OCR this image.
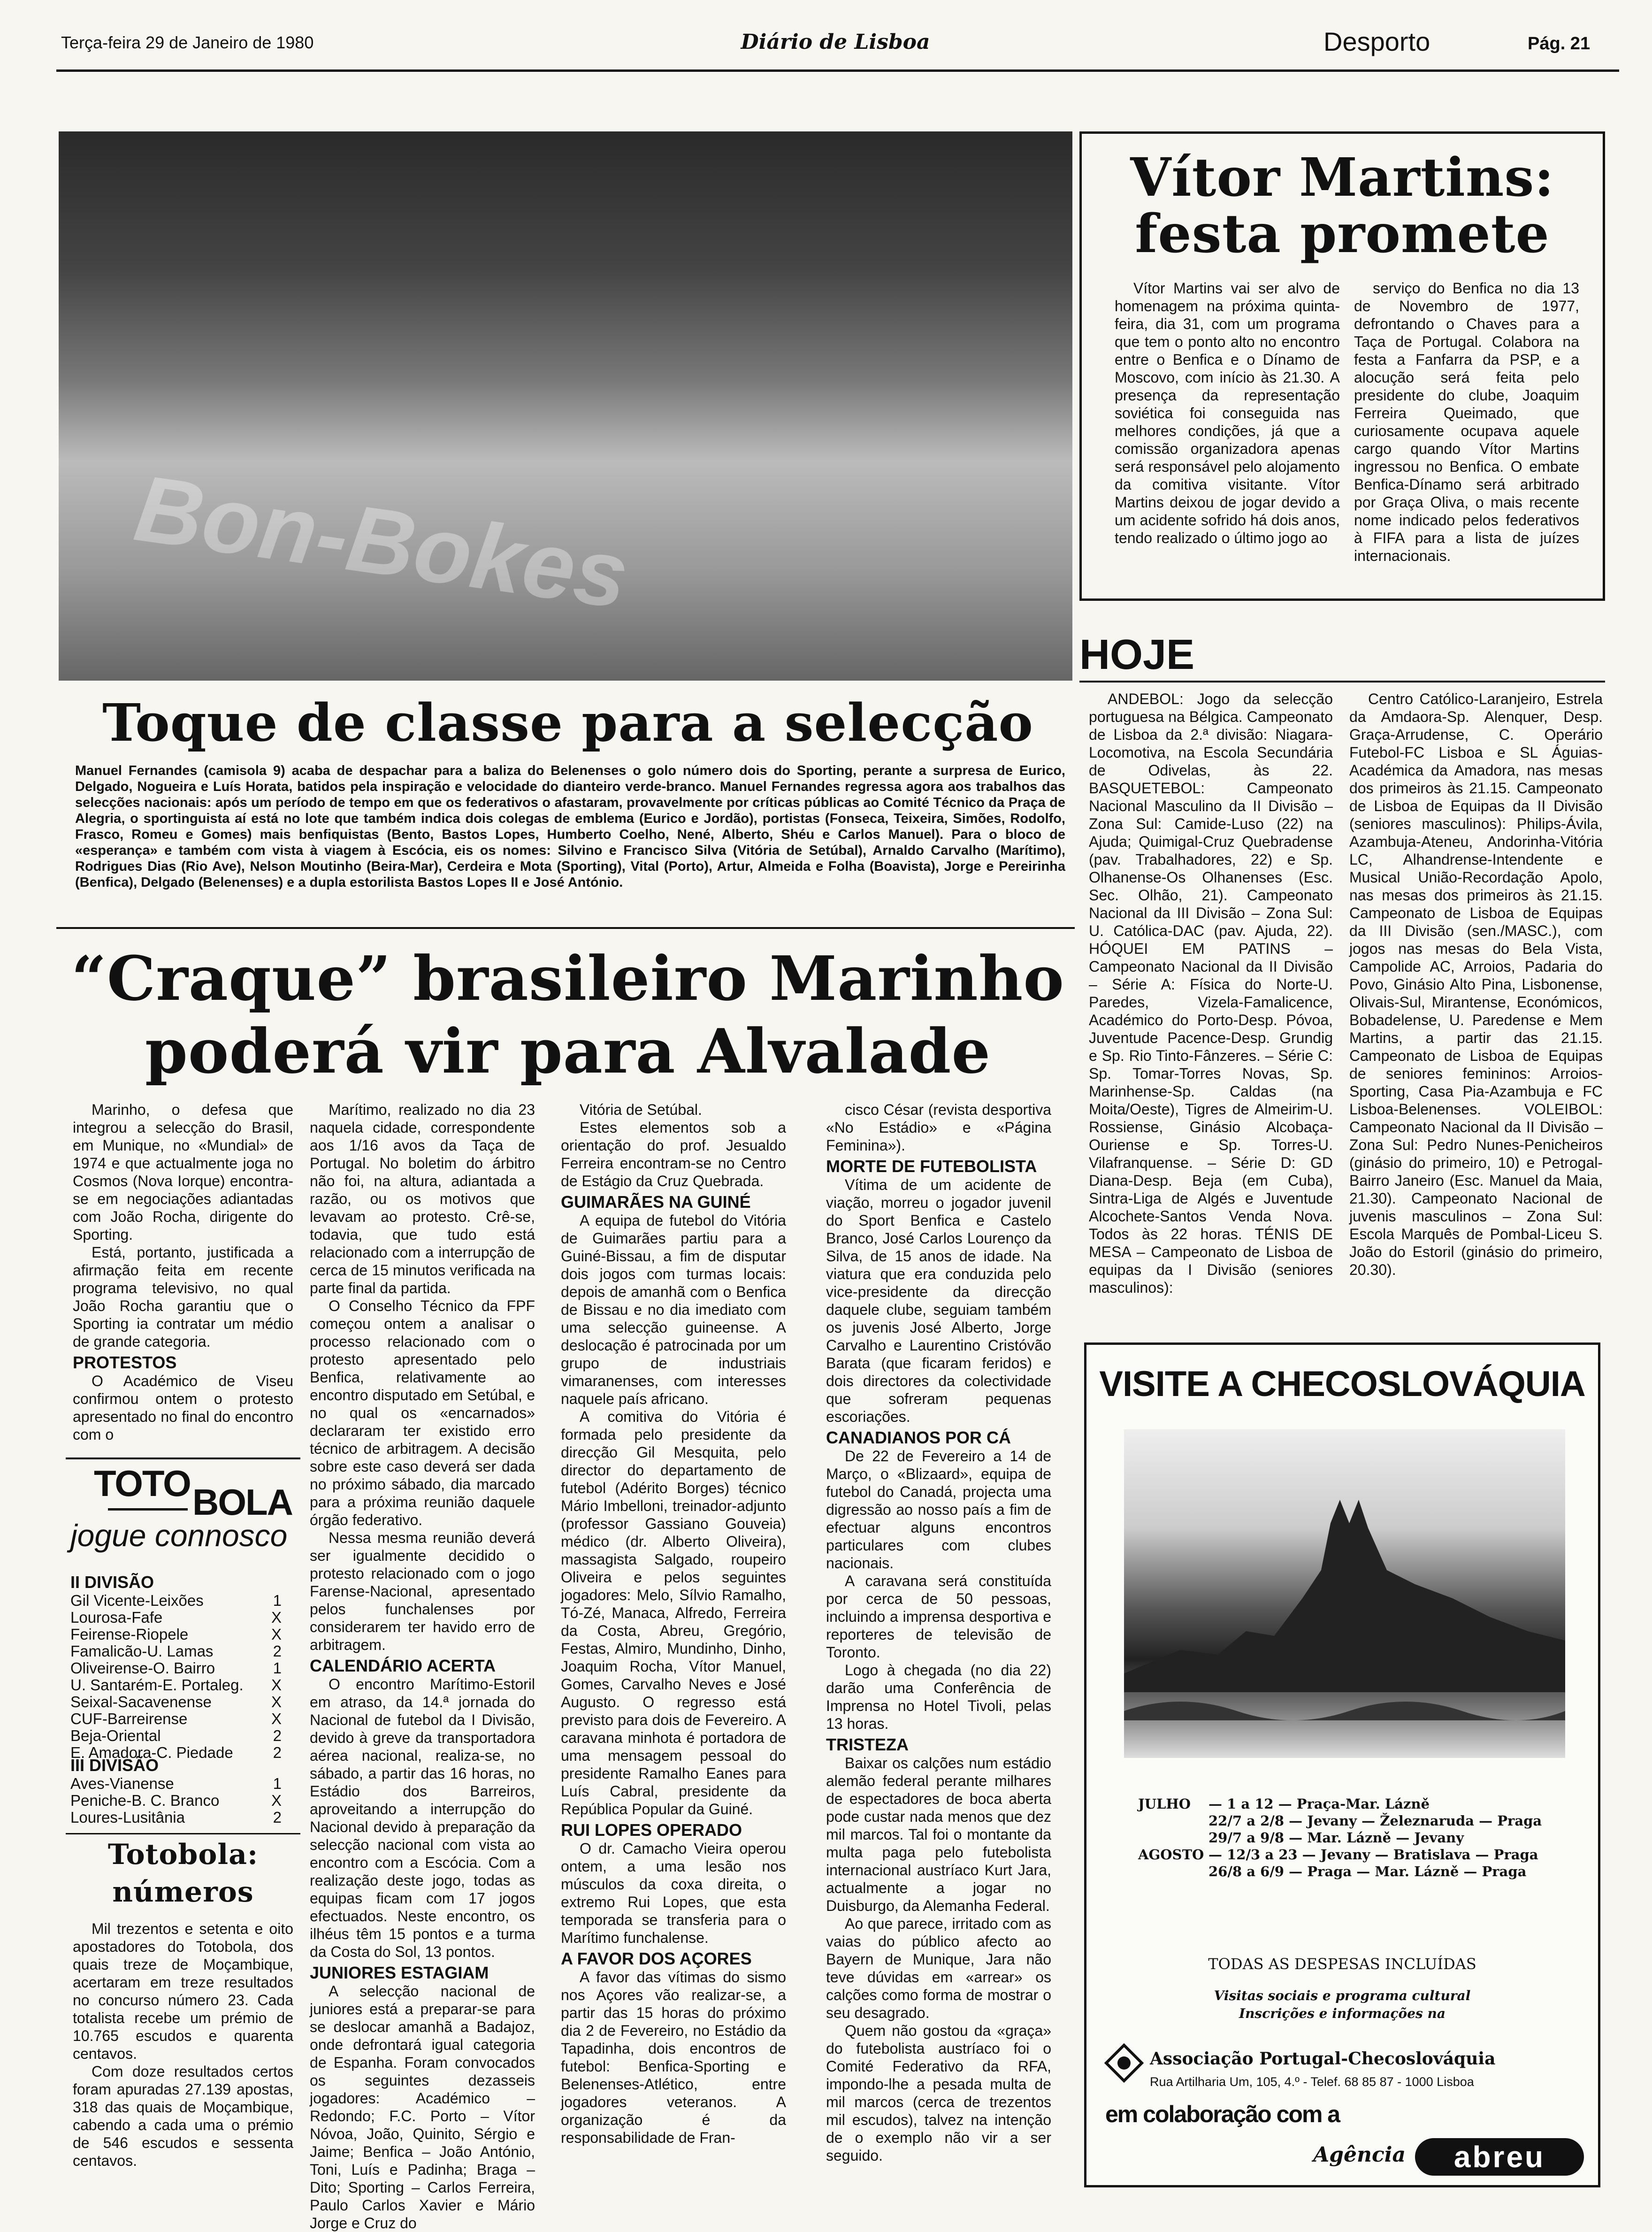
Terça-feira 29 de Janeiro de 1980	Diário de Lisboa	Desporto	Pág. 21
Bon-Bokes
Vítor Martins:
festa promete

Vítor Martins vai ser alvo de homenagem na próxima quinta-feira, dia 31, com um programa que tem o ponto alto no encontro entre o Benfica e o Dínamo de Moscovo, com início às 21.30. A presença da representação soviética foi conseguida nas melhores condições, já que a comissão organizadora apenas será responsável pelo alojamento da comitiva visitante. Vítor Martins deixou de jogar devido a um acidente sofrido há dois anos, tendo realizado o último jogo ao

serviço do Benfica no dia 13 de Novembro de 1977, defrontando o Chaves para a Taça de Portugal. Colabora na festa a Fanfarra da PSP, e a alocução será feita pelo presidente do clube, Joaquim Ferreira Queimado, que curiosamente ocupava aquele cargo quando Vítor Martins ingressou no Benfica. O embate Benfica-Dínamo será arbitrado por Graça Oliva, o mais recente nome indicado pelos federativos à FIFA para a lista de juízes internacionais.

HOJE

ANDEBOL: Jogo da selecção portuguesa na Bélgica. Campeonato de Lisboa da 2.ª divisão: Niagara-Locomotiva, na Escola Secundária de Odivelas, às 22. BASQUETEBOL: Campeonato Nacional Masculino da II Divisão – Zona Sul: Camide-Luso (22) na Ajuda; Quimigal-Cruz Quebradense (pav. Trabalhadores, 22) e Sp. Olhanense-Os Olhanenses (Esc. Sec. Olhão, 21). Campeonato Nacional da III Divisão – Zona Sul: U. Católica-DAC (pav. Ajuda, 22). HÓQUEI EM PATINS – Campeonato Nacional da II Divisão – Série A: Física do Norte-U. Paredes, Vizela-Famalicence, Académico do Porto-Desp. Póvoa, Juventude Pacence-Desp. Grundig e Sp. Rio Tinto-Fânzeres. – Série C: Sp. Tomar-Torres Novas, Sp. Marinhense-Sp. Caldas (na Moita/Oeste), Tigres de Almeirim-U. Rossiense, Ginásio Alcobaça-Ouriense e Sp. Torres-U. Vilafranquense. – Série D: GD Diana-Desp. Beja (em Cuba), Sintra-Liga de Algés e Juventude Alcochete-Santos Venda Nova. Todos às 22 horas. TÉNIS DE MESA – Campeonato de Lisboa de equipas da I Divisão (seniores masculinos):

Centro Católico-Laranjeiro, Estrela da Amdaora-Sp. Alenquer, Desp. Graça-Arrudense, C. Operário Futebol-FC Lisboa e SL Águias-Académica da Amadora, nas mesas dos primeiros às 21.15. Campeonato de Lisboa de Equipas da II Divisão (seniores masculinos): Philips-Ávila, Azambuja-Ateneu, Andorinha-Vitória LC, Alhandrense-Intendente e Musical União-Recordação Apolo, nas mesas dos primeiros às 21.15. Campeonato de Lisboa de Equipas da III Divisão (sen./MASC.), com jogos nas mesas do Bela Vista, Campolide AC, Arroios, Padaria do Povo, Ginásio Alto Pina, Lisbonense, Olivais-Sul, Mirantense, Económicos, Bobadelense, U. Paredense e Mem Martins, a partir das 21.15. Campeonato de Lisboa de Equipas de seniores femininos: Arroios-Sporting, Casa Pia-Azambuja e FC Lisboa-Belenenses. VOLEIBOL: Campeonato Nacional da II Divisão – Zona Sul: Pedro Nunes-Penicheiros (ginásio do primeiro, 10) e Petrogal-Bairro Janeiro (Esc. Manuel da Maia, 21.30). Campeonato Nacional de juvenis masculinos – Zona Sul: Escola Marquês de Pombal-Liceu S. João do Estoril (ginásio do primeiro, 20.30).

Toque de classe para a selecção

Manuel Fernandes (camisola 9) acaba de despachar para a baliza do Belenenses o golo número dois do Sporting, perante a surpresa de Eurico, Delgado, Nogueira e Luís Horata, batidos pela inspiração e velocidade do dianteiro verde-branco. Manuel Fernandes regressa agora aos trabalhos das selecções nacionais: após um período de tempo em que os federativos o afastaram, provavelmente por críticas públicas ao Comité Técnico da Praça de Alegria, o sportinguista aí está no lote que também indica dois colegas de emblema (Eurico e Jordão), portistas (Fonseca, Teixeira, Simões, Rodolfo, Frasco, Romeu e Gomes) mais benfiquistas (Bento, Bastos Lopes, Humberto Coelho, Nené, Alberto, Shéu e Carlos Manuel). Para o bloco de «esperança» e também com vista à viagem à Escócia, eis os nomes: Silvino e Francisco Silva (Vitória de Setúbal), Arnaldo Carvalho (Marítimo), Rodrigues Dias (Rio Ave), Nelson Moutinho (Beira-Mar), Cerdeira e Mota (Sporting), Vital (Porto), Artur, Almeida e Folha (Boavista), Jorge e Pereirinha (Benfica), Delgado (Belenenses) e a dupla estorilista Bastos Lopes II e José António.

“Craque” brasileiro Marinho
poderá vir para Alvalade

Marinho, o defesa que integrou a selecção do Brasil, em Munique, no «Mundial» de 1974 e que actualmente joga no Cosmos (Nova Iorque) encontra-se em negociações adiantadas com João Rocha, dirigente do Sporting.

Está, portanto, justificada a afirmação feita em recente programa televisivo, no qual João Rocha garantiu que o Sporting ia contratar um médio de grande categoria.

PROTESTOS

O Académico de Viseu confirmou ontem o protesto apresentado no final do encontro com o

TOTO BOLA
jogue connosco
II DIVISÃO
Gil Vicente-Leixões	1
Lourosa-Fafe	X
Feirense-Riopele	X
Famalicão-U. Lamas	2
Oliveirense-O. Bairro	1
U. Santarém-E. Portaleg. X
Seixal-Sacavenense	X
CUF-Barreirense	X
Beja-Oriental	2
E. Amadora-C. Piedade	2
III DIVISÃO
Aves-Vianense	1
Peniche-B. C. Branco	X
Loures-Lusitânia	2
Totobola:
números

Mil trezentos e setenta e oito apostadores do Totobola, dos quais treze de Moçambique, acertaram em treze resultados no concurso número 23. Cada totalista recebe um prémio de 10.765 escudos e quarenta centavos.

Com doze resultados certos foram apuradas 27.139 apostas, 318 das quais de Moçambique, cabendo a cada uma o prémio de 546 escudos e sessenta centavos.

Marítimo, realizado no dia 23 naquela cidade, correspondente aos 1/16 avos da Taça de Portugal. No boletim do árbitro não foi, na altura, adiantada a razão, ou os motivos que levavam ao protesto. Crê-se, todavia, que tudo está relacionado com a interrupção de cerca de 15 minutos verificada na parte final da partida.

O Conselho Técnico da FPF começou ontem a analisar o processo relacionado com o protesto apresentado pelo Benfica, relativamente ao encontro disputado em Setúbal, e no qual os «encarnados» declararam ter existido erro técnico de arbitragem. A decisão sobre este caso deverá ser dada no próximo sábado, dia marcado para a próxima reunião daquele órgão federativo.

Nessa mesma reunião deverá ser igualmente decidido o protesto relacionado com o jogo Farense-Nacional, apresentado pelos funchalenses por considerarem ter havido erro de arbitragem.

CALENDÁRIO ACERTA

O encontro Marítimo-Estoril em atraso, da 14.ª jornada do Nacional de futebol da I Divisão, devido à greve da transportadora aérea nacional, realiza-se, no sábado, a partir das 16 horas, no Estádio dos Barreiros, aproveitando a interrupção do Nacional devido à preparação da selecção nacional com vista ao encontro com a Escócia. Com a realização deste jogo, todas as equipas ficam com 17 jogos efectuados. Neste encontro, os ilhéus têm 15 pontos e a turma da Costa do Sol, 13 pontos.

JUNIORES ESTAGIAM

A selecção nacional de juniores está a preparar-se para se deslocar amanhã a Badajoz, onde defrontará igual categoria de Espanha. Foram convocados os seguintes dezasseis jogadores: Académico – Redondo; F.C. Porto – Vítor Nóvoa, João, Quinito, Sérgio e Jaime; Benfica – João António, Toni, Luís e Padinha; Braga – Dito; Sporting – Carlos Ferreira, Paulo Carlos Xavier e Mário Jorge e Cruz do

Vitória de Setúbal.

Estes elementos sob a orientação do prof. Jesualdo Ferreira encontram-se no Centro de Estágio da Cruz Quebrada.

GUIMARÃES NA GUINÉ

A equipa de futebol do Vitória de Guimarães partiu para a Guiné-Bissau, a fim de disputar dois jogos com turmas locais: depois de amanhã com o Benfica de Bissau e no dia imediato com uma selecção guineense. A deslocação é patrocinada por um grupo de industriais vimaranenses, com interesses naquele país africano.

A comitiva do Vitória é formada pelo presidente da direcção Gil Mesquita, pelo director do departamento de futebol (Adérito Borges) técnico Mário Imbelloni, treinador-adjunto (professor Gassiano Gouveia) médico (dr. Alberto Oliveira), massagista Salgado, roupeiro Oliveira e pelos seguintes jogadores: Melo, Sílvio Ramalho, Tó-Zé, Manaca, Alfredo, Ferreira da Costa, Abreu, Gregório, Festas, Almiro, Mundinho, Dinho, Joaquim Rocha, Vítor Manuel, Gomes, Carvalho Neves e José Augusto. O regresso está previsto para dois de Fevereiro. A caravana minhota é portadora de uma mensagem pessoal do presidente Ramalho Eanes para Luís Cabral, presidente da República Popular da Guiné.

RUI LOPES OPERADO

O dr. Camacho Vieira operou ontem, a uma lesão nos músculos da coxa direita, o extremo Rui Lopes, que esta temporada se transferia para o Marítimo funchalense.

A FAVOR DOS AÇORES

A favor das vítimas do sismo nos Açores vão realizar-se, a partir das 15 horas do próximo dia 2 de Fevereiro, no Estádio da Tapadinha, dois encontros de futebol: Benfica-Sporting e Belenenses-Atlético, entre jogadores veteranos. A organização é da responsabilidade de Fran-

cisco César (revista desportiva «No Estádio» e «Página Feminina»).

MORTE DE FUTEBOLISTA

Vítima de um acidente de viação, morreu o jogador juvenil do Sport Benfica e Castelo Branco, José Carlos Lourenço da Silva, de 15 anos de idade. Na viatura que era conduzida pelo vice-presidente da direcção daquele clube, seguiam também os juvenis José Alberto, Jorge Carvalho e Laurentino Cristóvão Barata (que ficaram feridos) e dois directores da colectividade que sofreram pequenas escoriações.

CANADIANOS POR CÁ

De 22 de Fevereiro a 14 de Março, o «Blizaard», equipa de futebol do Canadá, projecta uma digressão ao nosso país a fim de efectuar alguns encontros particulares com clubes nacionais.

A caravana será constituída por cerca de 50 pessoas, incluindo a imprensa desportiva e reporteres de televisão de Toronto.

Logo à chegada (no dia 22) darão uma Conferência de Imprensa no Hotel Tivoli, pelas 13 horas.

TRISTEZA

Baixar os calções num estádio alemão federal perante milhares de espectadores de boca aberta pode custar nada menos que dez mil marcos. Tal foi o montante da multa paga pelo futebolista internacional austríaco Kurt Jara, actualmente a jogar no Duisburgo, da Alemanha Federal.

Ao que parece, irritado com as vaias do público afecto ao Bayern de Munique, Jara não teve dúvidas em «arrear» os calções como forma de mostrar o seu desagrado.

Quem não gostou da «graça» do futebolista austríaco foi o Comité Federativo da RFA, impondo-lhe a pesada multa de mil marcos (cerca de trezentos mil escudos), talvez na intenção de o exemplo não vir a ser seguido.

VISITE A CHECOSLOVÁQUIA
JULHO — 1 a 12 — Praça-Mar. Lázně
22/7 a 2/8 — Jevany — Železnaruda — Praga
29/7 a 9/8 — Mar. Lázně — Jevany
AGOSTO — 12/3 a 23 — Jevany — Bratislava — Praga
26/8 a 6/9 — Praga — Mar. Lázně — Praga
TODAS AS DESPESAS INCLUÍDAS
Visitas sociais e programa cultural
Inscrições e informações na
Associação Portugal-Checoslováquia
Rua Artilharia Um, 105, 4.º - Telef. 68 85 87 - 1000 Lisboa
em colaboração com a
Agência	abreu
